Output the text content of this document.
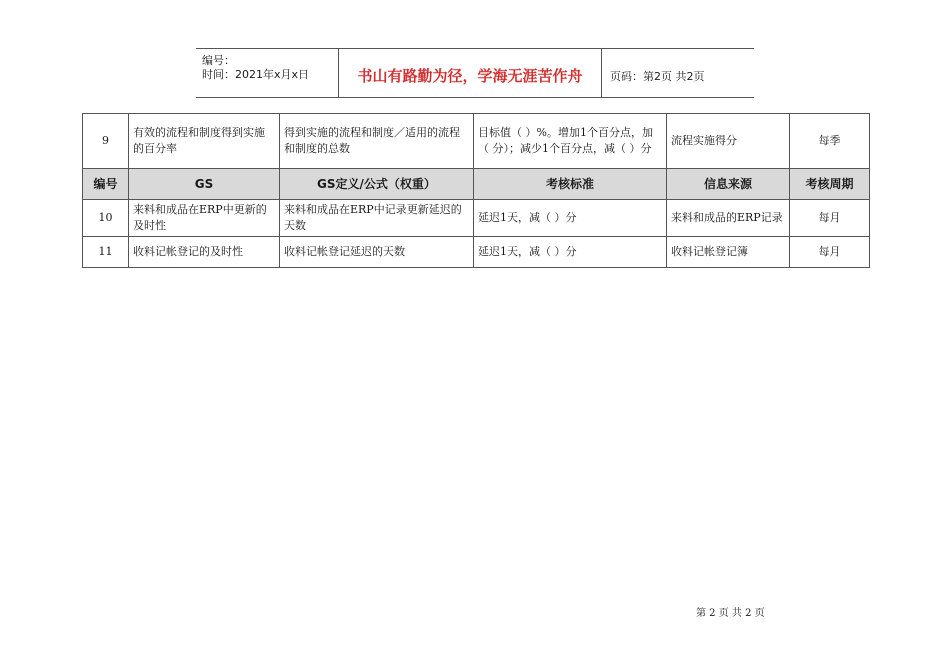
编号：
时间：2021年x月x日	书山有路勤为径，学海无涯苦作舟	页码：第2页 共2页
9	有效的流程和制度得到实施的百分率	得到实施的流程和制度／适用的流程和制度的总数	目标值（ ）%。增加1个百分点，加（ 分）；减少1个百分点，减（ ）分	流程实施得分	每季
编号	GS	GS定义/公式（权重）	考核标准	信息来源	考核周期
10	来料和成品在ERP中更新的及时性	来料和成品在ERP中记录更新延迟的天数	延迟1天，减（ ）分	来料和成品的ERP记录	每月
11	收料记帐登记的及时性	收料记帐登记延迟的天数	延迟1天，减（ ）分	收料记帐登记簿	每月
第 2 页 共 2 页
